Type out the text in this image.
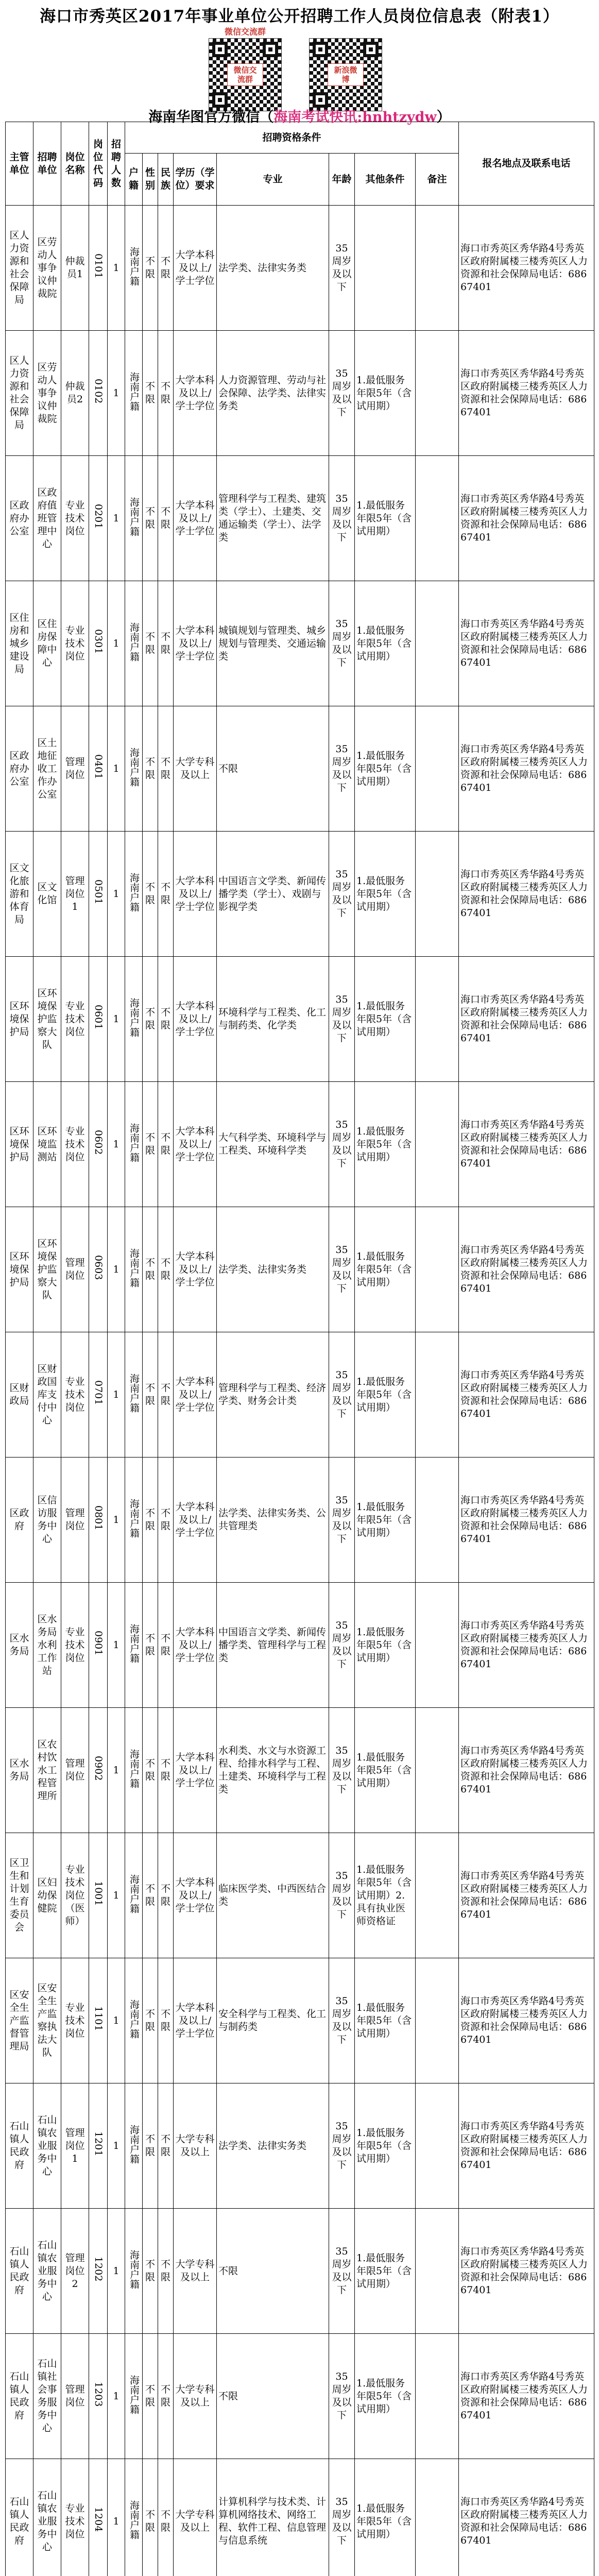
海口市秀英区2017年事业单位公开招聘工作人员岗位信息表（附表1）
微信交流群
微信交流群
新浪微博
海南华图官方微信（海南考试快讯:hnhtzydw）
主管单位	招聘单位	岗位名称	岗位代码	招聘人数	招聘资格条件								报名地点及联系电话
					户籍	性别	民族	学历（学位）要求	专业	年龄	其他条件	备注	
区人力资源和社会保障局	区劳动人事争议仲裁院	仲裁员1	0101	1	海南户籍	不限	不限	大学本科及以上/学士学位	法学类、法律实务类	35周岁及以下			海口市秀英区秀华路4号秀英区政府附属楼三楼秀英区人力资源和社会保障局电话：68667401
区人力资源和社会保障局	区劳动人事争议仲裁院	仲裁员2	0102	1	海南户籍	不限	不限	大学本科及以上/学士学位	人力资源管理、劳动与社会保障、法学类、法律实务类	35周岁及以下	1.最低服务年限5年（含试用期）		海口市秀英区秀华路4号秀英区政府附属楼三楼秀英区人力资源和社会保障局电话：68667401
区政府办公室	区政府值班管理中心	专业技术岗位	0201	1	海南户籍	不限	不限	大学本科及以上/学士学位	管理科学与工程类、建筑类（学士）、土建类、交通运输类（学士）、法学类	35周岁及以下	1.最低服务年限5年（含试用期）		海口市秀英区秀华路4号秀英区政府附属楼三楼秀英区人力资源和社会保障局电话：68667401
区住房和城乡建设局	区住房保障中心	专业技术岗位	0301	1	海南户籍	不限	不限	大学本科及以上/学士学位	城镇规划与管理类、城乡规划与管理类、交通运输类	35周岁及以下	1.最低服务年限5年（含试用期）		海口市秀英区秀华路4号秀英区政府附属楼三楼秀英区人力资源和社会保障局电话：68667401
区政府办公室	区土地征收工作办公室	管理岗位	0401	1	海南户籍	不限	不限	大学专科及以上	不限	35周岁及以下	1.最低服务年限5年（含试用期）		海口市秀英区秀华路4号秀英区政府附属楼三楼秀英区人力资源和社会保障局电话：68667401
区文化旅游和体育局	区文化馆	管理岗位1	0501	1	海南户籍	不限	不限	大学本科及以上/学士学位	中国语言文学类、新闻传播学类（学士）、戏剧与影视学类	35周岁及以下	1.最低服务年限5年（含试用期）		海口市秀英区秀华路4号秀英区政府附属楼三楼秀英区人力资源和社会保障局电话：68667401
区环境保护局	区环境保护监察大队	专业技术岗位	0601	1	海南户籍	不限	不限	大学本科及以上/学士学位	环境科学与工程类、化工与制药类、化学类	35周岁及以下	1.最低服务年限5年（含试用期）		海口市秀英区秀华路4号秀英区政府附属楼三楼秀英区人力资源和社会保障局电话：68667401
区环境保护局	区环境监测站	专业技术岗位	0602	1	海南户籍	不限	不限	大学本科及以上/学士学位	大气科学类、环境科学与工程类、环境科学类	35周岁及以下	1.最低服务年限5年（含试用期）		海口市秀英区秀华路4号秀英区政府附属楼三楼秀英区人力资源和社会保障局电话：68667401
区环境保护局	区环境保护监察大队	管理岗位	0603	1	海南户籍	不限	不限	大学本科及以上/学士学位	法学类、法律实务类	35周岁及以下	1.最低服务年限5年（含试用期）		海口市秀英区秀华路4号秀英区政府附属楼三楼秀英区人力资源和社会保障局电话：68667401
区财政局	区财政国库支付中心	专业技术岗位	0701	1	海南户籍	不限	不限	大学本科及以上/学士学位	管理科学与工程类、经济学类、财务会计类	35周岁及以下	1.最低服务年限5年（含试用期）		海口市秀英区秀华路4号秀英区政府附属楼三楼秀英区人力资源和社会保障局电话：68667401
区政府	区信访服务中心	管理岗位	0801	1	海南户籍	不限	不限	大学本科及以上/学士学位	法学类、法律实务类、公共管理类	35周岁及以下	1.最低服务年限5年（含试用期）		海口市秀英区秀华路4号秀英区政府附属楼三楼秀英区人力资源和社会保障局电话：68667401
区水务局	区水务局水利工作站	专业技术岗位	0901	1	海南户籍	不限	不限	大学本科及以上/学士学位	中国语言文学类、新闻传播学类、管理科学与工程类	35周岁及以下	1.最低服务年限5年（含试用期）		海口市秀英区秀华路4号秀英区政府附属楼三楼秀英区人力资源和社会保障局电话：68667401
区水务局	区农村饮水工程管理所	管理岗位	0902	1	海南户籍	不限	不限	大学本科及以上/学士学位	水利类、水文与水资源工程、给排水科学与工程、土建类、环境科学与工程类	35周岁及以下	1.最低服务年限5年（含试用期）		海口市秀英区秀华路4号秀英区政府附属楼三楼秀英区人力资源和社会保障局电话：68667401
区卫生和计划生育委员会	区妇幼保健院	专业技术岗位（医师）	1001	1	海南户籍	不限	不限	大学本科及以上/学士学位	临床医学类、中西医结合类	35周岁及以下	1.最低服务年限5年（含试用期）2.具有执业医师资格证		海口市秀英区秀华路4号秀英区政府附属楼三楼秀英区人力资源和社会保障局电话：68667401
区安全生产监督管理局	区安全生产监察执法大队	专业技术岗位	1101	1	海南户籍	不限	不限	大学本科及以上/学士学位	安全科学与工程类、化工与制药类	35周岁及以下	1.最低服务年限5年（含试用期）		海口市秀英区秀华路4号秀英区政府附属楼三楼秀英区人力资源和社会保障局电话：68667401
石山镇人民政府	石山镇农业服务中心	管理岗位1	1201	1	海南户籍	不限	不限	大学专科及以上	法学类、法律实务类	35周岁及以下	1.最低服务年限5年（含试用期）		海口市秀英区秀华路4号秀英区政府附属楼三楼秀英区人力资源和社会保障局电话：68667401
石山镇人民政府	石山镇农业服务中心	管理岗位2	1202	1	海南户籍	不限	不限	大学专科及以上	不限	35周岁及以下	1.最低服务年限5年（含试用期）		海口市秀英区秀华路4号秀英区政府附属楼三楼秀英区人力资源和社会保障局电话：68667401
石山镇人民政府	石山镇社会事务服务中心	管理岗位	1203	1	海南户籍	不限	不限	大学专科及以上	不限	35周岁及以下	1.最低服务年限5年（含试用期）		海口市秀英区秀华路4号秀英区政府附属楼三楼秀英区人力资源和社会保障局电话：68667401
石山镇人民政府	石山镇农业服务中心	专业技术岗位	1204	1	海南户籍	不限	不限	大学专科及以上	计算机科学与技术类、计算机网络技术、网络工程、软件工程、信息管理与信息系统	35周岁及以下	1.最低服务年限5年（含试用期）		海口市秀英区秀华路4号秀英区政府附属楼三楼秀英区人力资源和社会保障局电话：68667401
